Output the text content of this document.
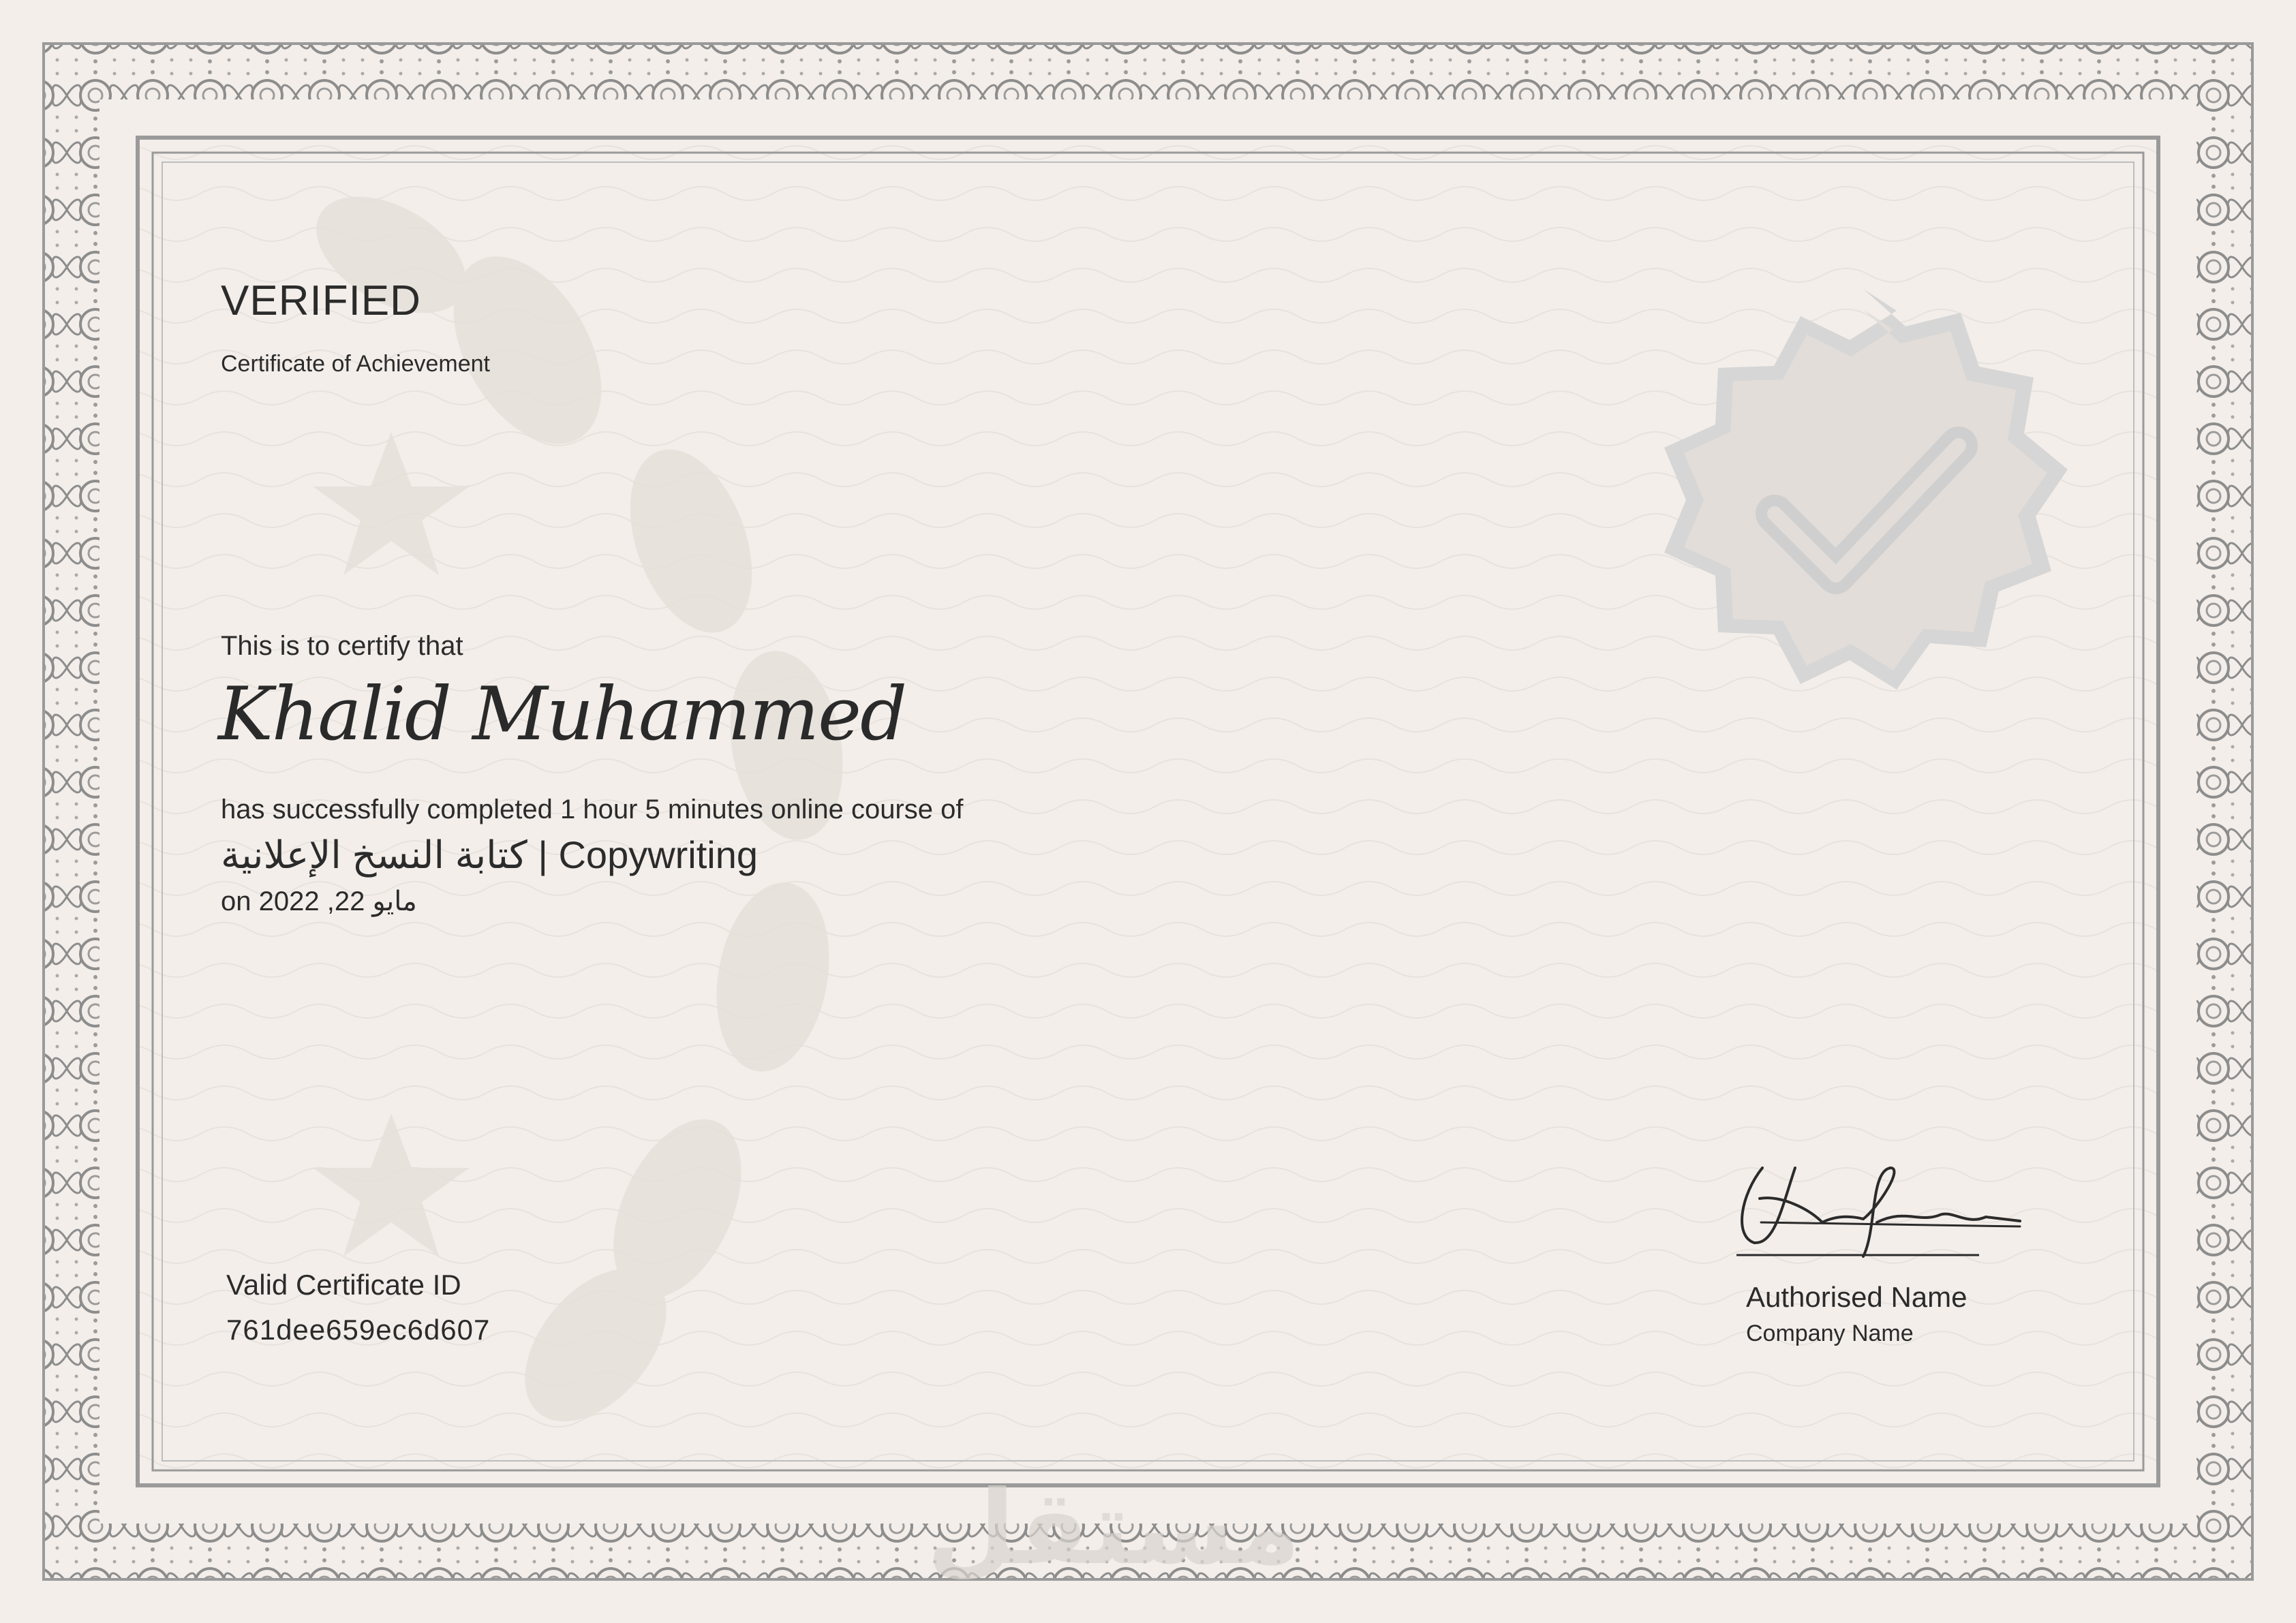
مستقل
VERIFIED
Certificate of Achievement
This is to certify that
Khalid Muhammed
has successfully completed 1 hour 5 minutes online course of
كتابة النسخ الإعلانية | Copywriting
on 2022 ,22 مايو
Valid Certificate ID
761dee659ec6d607
Authorised Name
Company Name
